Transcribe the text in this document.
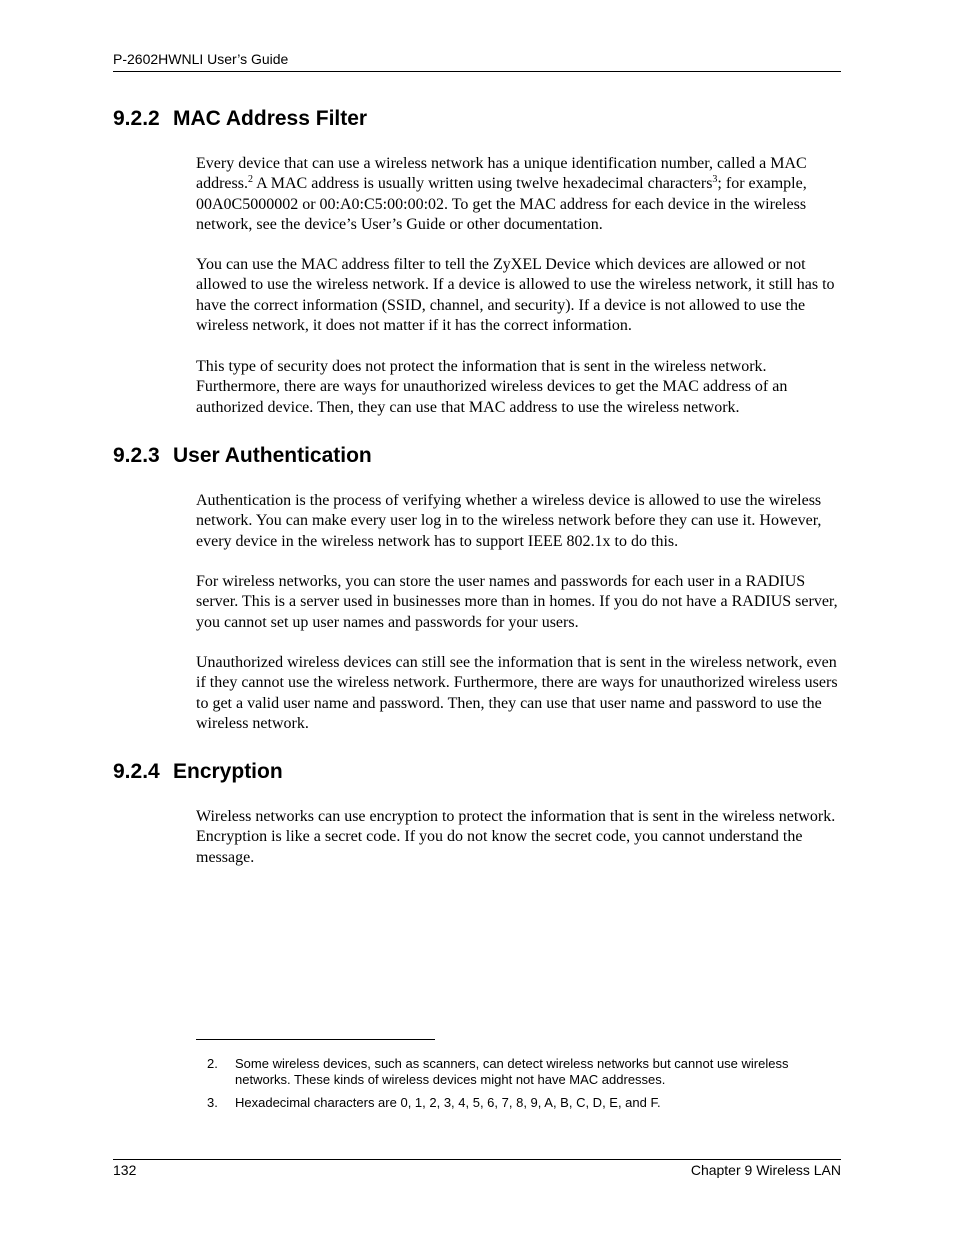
P-2602HWNLI User’s Guide
9.2.2 MAC Address Filter

Every device that can use a wireless network has a unique identification number, called a MAC address.$^2$ A MAC address is usually written using twelve hexadecimal characters$^3$; for example, 00A0C5000002 or 00:A0:C5:00:00:02. To get the MAC address for each device in the wireless network, see the device’s User’s Guide or other documentation.

You can use the MAC address filter to tell the ZyXEL Device which devices are allowed or not allowed to use the wireless network. If a device is allowed to use the wireless network, it still has to have the correct information (SSID, channel, and security). If a device is not allowed to use the wireless network, it does not matter if it has the correct information.

This type of security does not protect the information that is sent in the wireless network. Furthermore, there are ways for unauthorized wireless devices to get the MAC address of an authorized device. Then, they can use that MAC address to use the wireless network.

9.2.3 User Authentication

Authentication is the process of verifying whether a wireless device is allowed to use the wireless network. You can make every user log in to the wireless network before they can use it. However, every device in the wireless network has to support IEEE 802.1x to do this.

For wireless networks, you can store the user names and passwords for each user in a RADIUS server. This is a server used in businesses more than in homes. If you do not have a RADIUS server, you cannot set up user names and passwords for your users.

Unauthorized wireless devices can still see the information that is sent in the wireless network, even if they cannot use the wireless network. Furthermore, there are ways for unauthorized wireless users to get a valid user name and password. Then, they can use that user name and password to use the wireless network.

9.2.4 Encryption

Wireless networks can use encryption to protect the information that is sent in the wireless network. Encryption is like a secret code. If you do not know the secret code, you cannot understand the message.

2. Some wireless devices, such as scanners, can detect wireless networks but cannot use wireless networks. These kinds of wireless devices might not have MAC addresses.
3. Hexadecimal characters are 0, 1, 2, 3, 4, 5, 6, 7, 8, 9, A, B, C, D, E, and F.
132	Chapter 9 Wireless LAN
